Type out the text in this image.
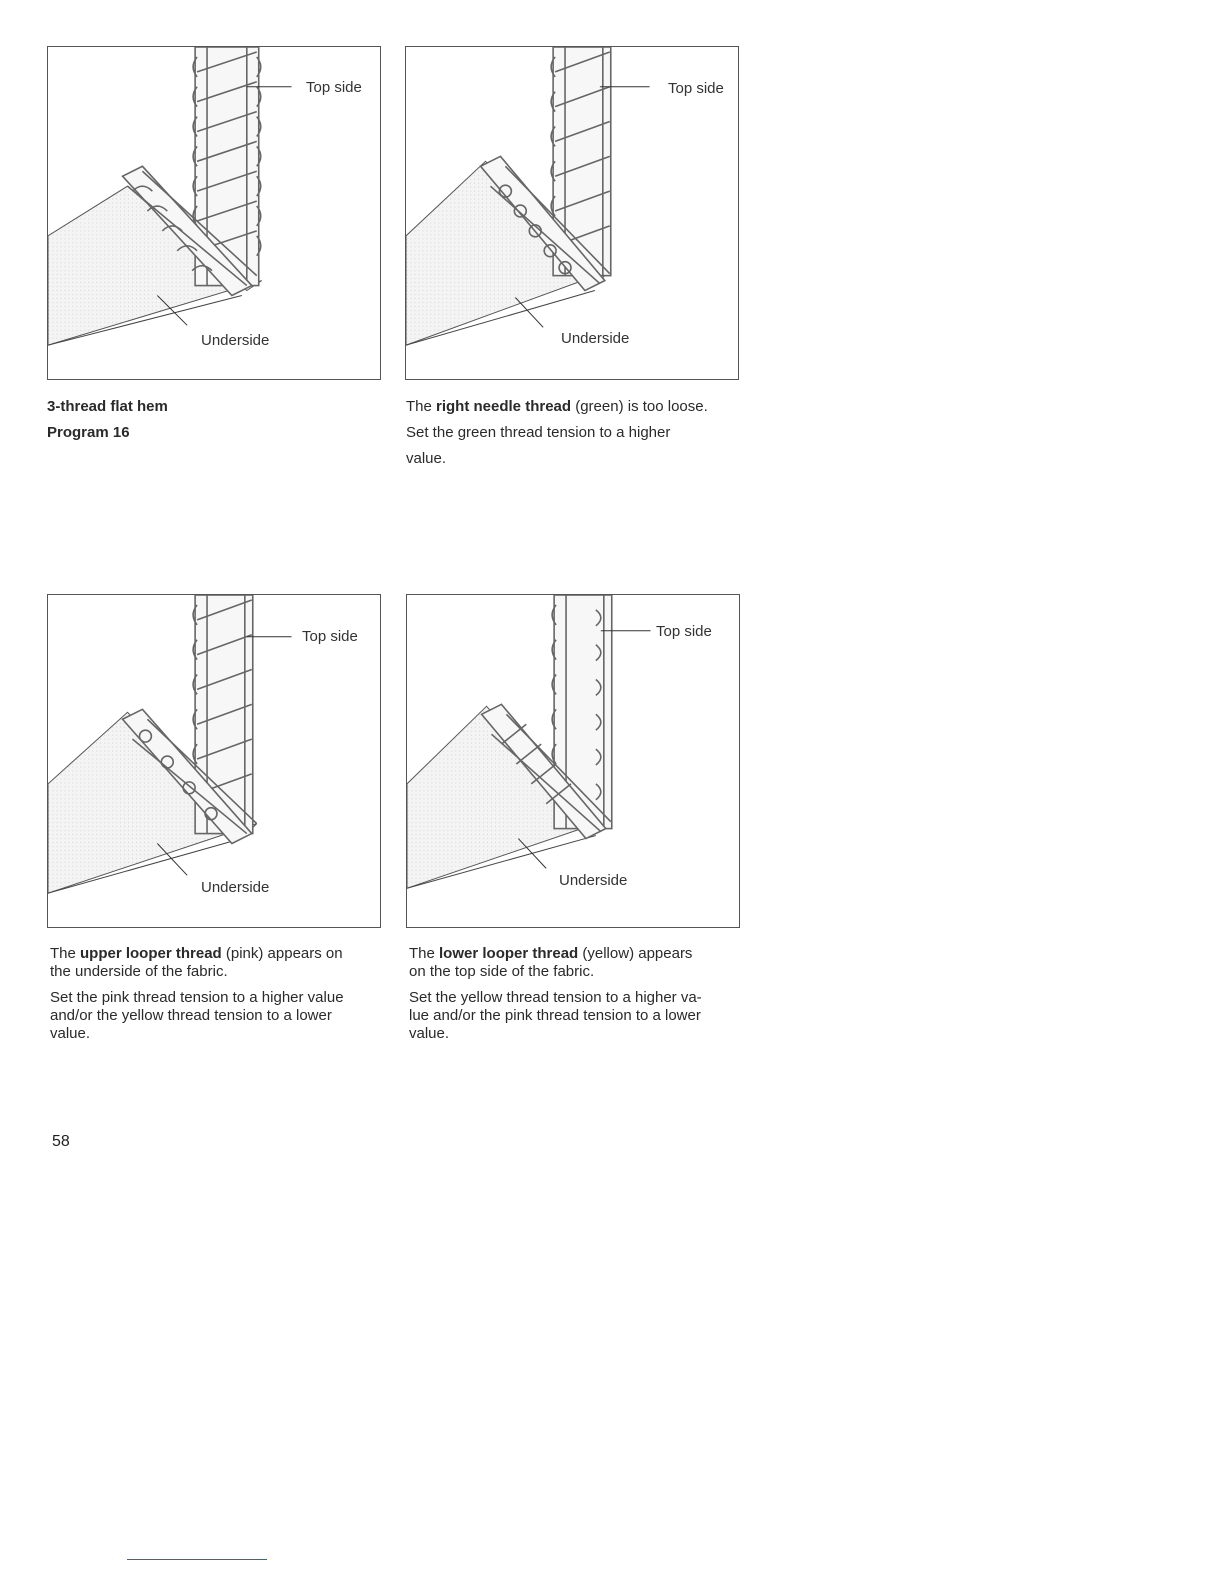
Top side
Underside
Top side
Underside
Top side
Underside
Top side
Underside
3-thread flat hem
Program 16
The right needle thread (green) is too loose.
Set the green thread tension to a higher
value.

The upper looper thread (pink) appears on
the underside of the fabric.

Set the pink thread tension to a higher value
and/or the yellow thread tension to a lower
value.

The lower looper thread (yellow) appears
on the top side of the fabric.

Set the yellow thread tension to a higher va-
lue and/or the pink thread tension to a lower
value.

58
